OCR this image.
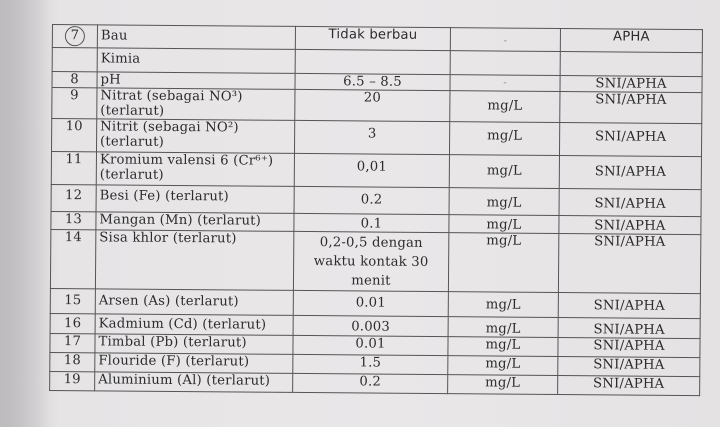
7	Bau	Tidak berbau	-	APHA
	Kimia			
8	pH	6.5 – 8.5	-	SNI/APHA
9	Nitrat (sebagai NO³) (terlarut)	20	mg/L	SNI/APHA
10	Nitrit (sebagai NO²) (terlarut)	3	mg/L	SNI/APHA
11	Kromium valensi 6 (Cr⁶⁺) (terlarut)	0,01	mg/L	SNI/APHA
12	Besi (Fe) (terlarut)	0.2	mg/L	SNI/APHA
13	Mangan (Mn) (terlarut)	0.1	mg/L	SNI/APHA
14	Sisa khlor (terlarut)	0,2-0,5 dengan waktu kontak 30 menit	mg/L	SNI/APHA
15	Arsen (As) (terlarut)	0.01	mg/L	SNI/APHA
16	Kadmium (Cd) (terlarut)	0.003	mg/L	SNI/APHA
17	Timbal (Pb) (terlarut)	0.01	mg/L	SNI/APHA
18	Flouride (F) (terlarut)	1.5	mg/L	SNI/APHA
19	Aluminium (Al) (terlarut)	0.2	mg/L	SNI/APHA
